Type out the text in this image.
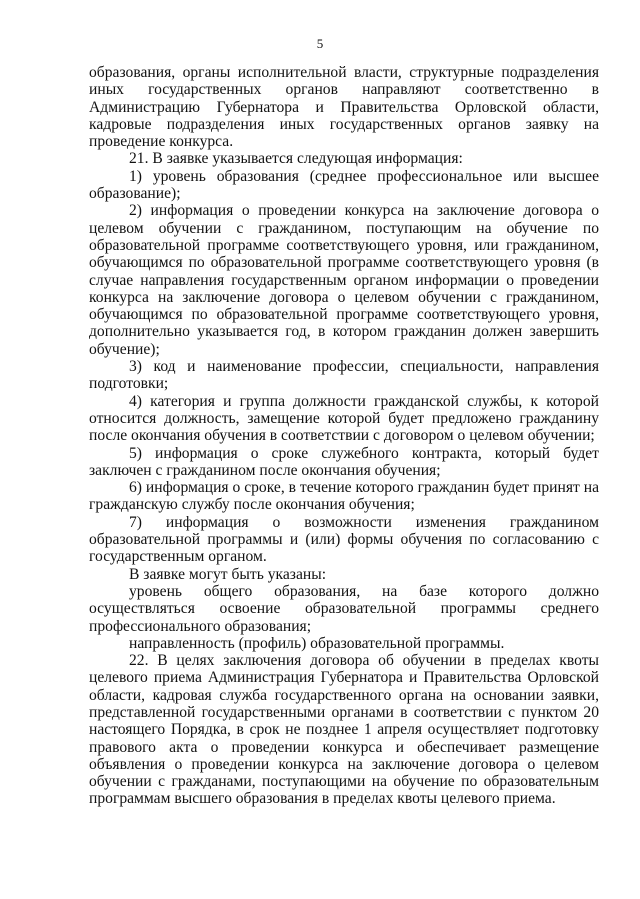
5

образования, органы исполнительной власти, структурные подразделения иных государственных органов направляют соответственно в Администрацию Губернатора и Правительства Орловской области, кадровые подразделения иных государственных органов заявку на проведение конкурса.

21. В заявке указывается следующая информация:

1) уровень образования (среднее профессиональное или высшее образование);

2) информация о проведении конкурса на заключение договора о целевом обучении с гражданином, поступающим на обучение по образовательной программе соответствующего уровня, или гражданином, обучающимся по образовательной программе соответствующего уровня (в случае направления государственным органом информации о проведении конкурса на заключение договора о целевом обучении с гражданином, обучающимся по образовательной программе соответствующего уровня, дополнительно указывается год, в котором гражданин должен завершить обучение);

3) код и наименование профессии, специальности, направления подготовки;

4) категория и группа должности гражданской службы, к которой относится должность, замещение которой будет предложено гражданину после окончания обучения в соответствии с договором о целевом обучении;

5) информация о сроке служебного контракта, который будет заключен с гражданином после окончания обучения;

6) информация о сроке, в течение которого гражданин будет принят на гражданскую службу после окончания обучения;

7) информация о возможности изменения гражданином образовательной программы и (или) формы обучения по согласованию с государственным органом.

В заявке могут быть указаны:

уровень общего образования, на базе которого должно осуществляться освоение образовательной программы среднего профессионального образования;

направленность (профиль) образовательной программы.

22. В целях заключения договора об обучении в пределах квоты целевого приема Администрация Губернатора и Правительства Орловской области, кадровая служба государственного органа на основании заявки, представленной государственными органами в соответствии с пунктом 20 настоящего Порядка, в срок не позднее 1 апреля осуществляет подготовку правового акта о проведении конкурса и обеспечивает размещение объявления о проведении конкурса на заключение договора о целевом обучении с гражданами, поступающими на обучение по образовательным программам высшего образования в пределах квоты целевого приема.
